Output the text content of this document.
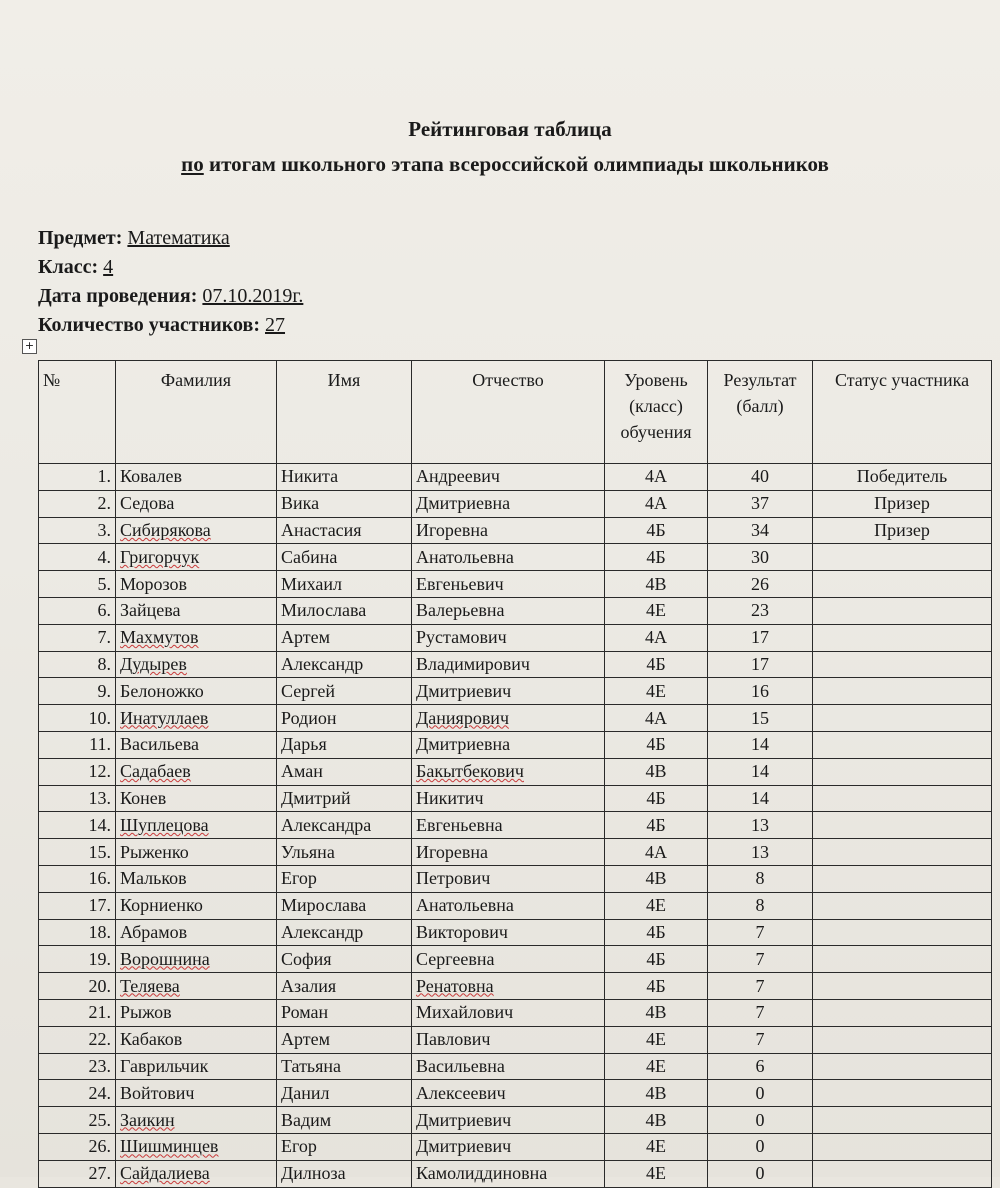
Рейтинговая таблица
по итогам школьного этапа всероссийской олимпиады школьников
Предмет: Математика
Класс: 4
Дата проведения: 07.10.2019г.
Количество участников: 27
+
№	Фамилия	Имя	Отчество	Уровень (класс) обучения	Результат (балл)	Статус участника
1.	Ковалев	Никита	Андреевич	4А	40	Победитель
2.	Седова	Вика	Дмитриевна	4А	37	Призер
3.	Сибирякова	Анастасия	Игоревна	4Б	34	Призер
4.	Григорчук	Сабина	Анатольевна	4Б	30	
5.	Морозов	Михаил	Евгеньевич	4В	26	
6.	Зайцева	Милослава	Валерьевна	4Е	23	
7.	Махмутов	Артем	Рустамович	4А	17	
8.	Дудырев	Александр	Владимирович	4Б	17	
9.	Белоножко	Сергей	Дмитриевич	4Е	16	
10.	Инатуллаев	Родион	Даниярович	4А	15	
11.	Васильева	Дарья	Дмитриевна	4Б	14	
12.	Садабаев	Аман	Бакытбекович	4В	14	
13.	Конев	Дмитрий	Никитич	4Б	14	
14.	Шуплецова	Александра	Евгеньевна	4Б	13	
15.	Рыженко	Ульяна	Игоревна	4А	13	
16.	Мальков	Егор	Петрович	4В	8	
17.	Корниенко	Мирослава	Анатольевна	4Е	8	
18.	Абрамов	Александр	Викторович	4Б	7	
19.	Ворошнина	София	Сергеевна	4Б	7	
20.	Теляева	Азалия	Ренатовна	4Б	7	
21.	Рыжов	Роман	Михайлович	4В	7	
22.	Кабаков	Артем	Павлович	4Е	7	
23.	Гаврильчик	Татьяна	Васильевна	4Е	6	
24.	Войтович	Данил	Алексеевич	4В	0	
25.	Заикин	Вадим	Дмитриевич	4В	0	
26.	Шишминцев	Егор	Дмитриевич	4Е	0	
27.	Сайдалиева	Дилноза	Камолиддиновна	4Е	0	
